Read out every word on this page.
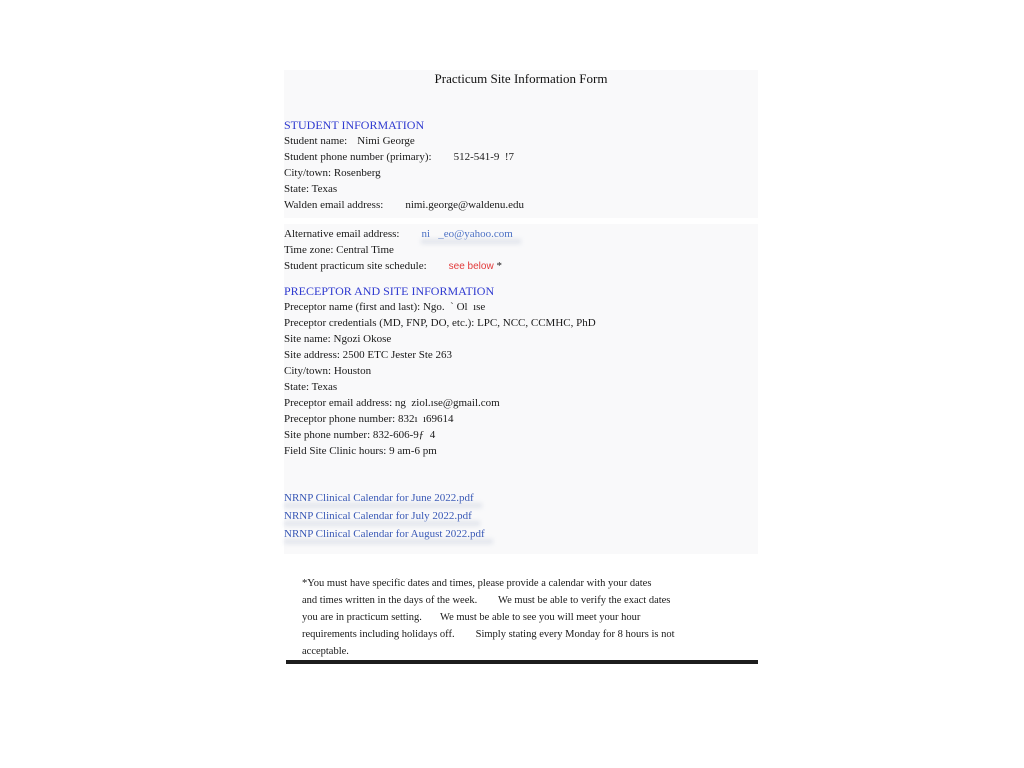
Practicum Site Information Form
STUDENT INFORMATION
Student name: Nimi George
Student phone number (primary): 512-541-9  !7
City/town: Rosenberg
State: Texas
Walden email address: nimi.george@waldenu.edu
Alternative email address: ni   _eo@yahoo.com
Time zone: Central Time
Student practicum site schedule: see below *
PRECEPTOR AND SITE INFORMATION
Preceptor name (first and last): Ngo.  ` Ol  ıse
Preceptor credentials (MD, FNP, DO, etc.): LPC, NCC, CCMHC, PhD
Site name: Ngozi Okose
Site address: 2500 ETC Jester Ste 263
City/town: Houston
State: Texas
Preceptor email address: ng  ziol.ıse@gmail.com
Preceptor phone number: 832ı  ı69614
Site phone number: 832-606-9ƒ  4
Field Site Clinic hours: 9 am-6 pm
NRNP Clinical Calendar for June 2022.pdf
NRNP Clinical Calendar for July 2022.pdf
NRNP Clinical Calendar for August 2022.pdf
*You must have specific dates and times, please provide a calendar with your dates
and times written in the days of the week.        We must be able to verify the exact dates
you are in practicum setting.       We must be able to see you will meet your hour
requirements including holidays off.        Simply stating every Monday for 8 hours is not
acceptable.
